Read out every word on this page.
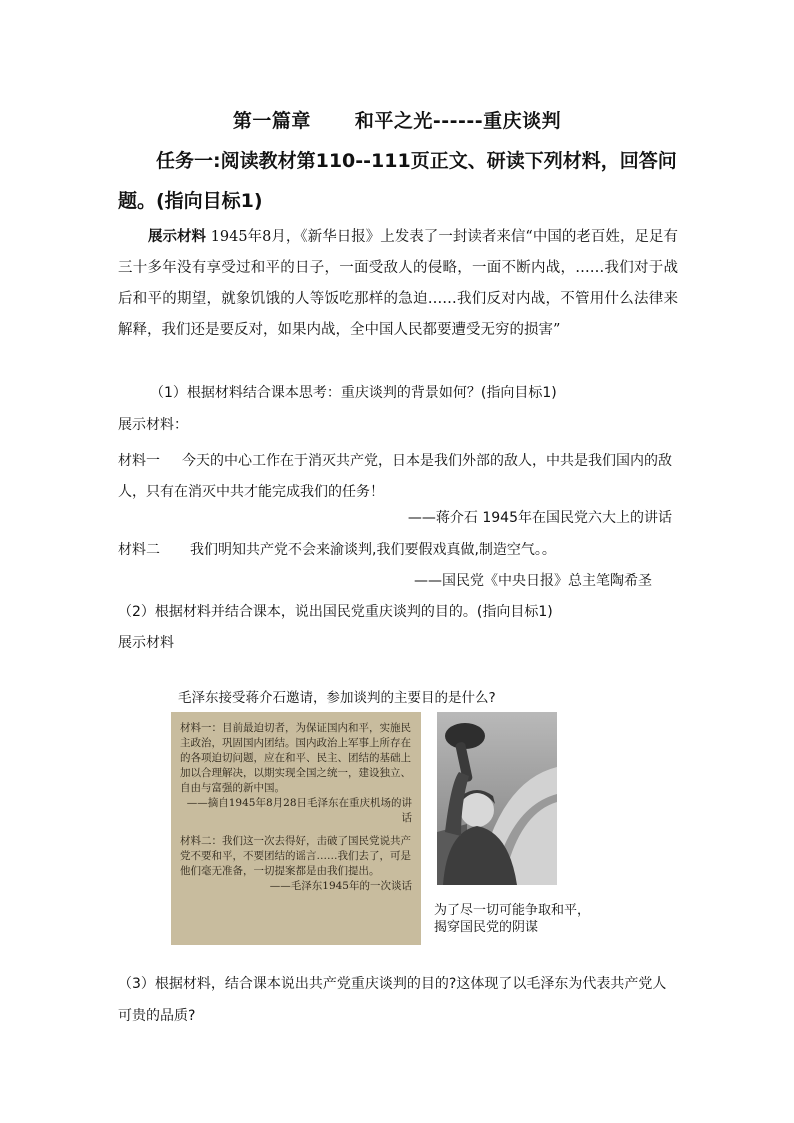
第一篇章 和平之光------重庆谈判
任务一:阅读教材第110--111页正文、研读下列材料，回答问题。(指向目标1)
展示材料 1945年8月，《新华日报》上发表了一封读者来信“中国的老百姓，足足有三十多年没有享受过和平的日子，一面受敌人的侵略，一面不断内战，……我们对于战后和平的期望，就象饥饿的人等饭吃那样的急迫……我们反对内战，不管用什么法律来解释，我们还是要反对，如果内战，全中国人民都要遭受无穷的损害”
（1）根据材料结合课本思考：重庆谈判的背景如何？(指向目标1)
展示材料：
材料一 今天的中心工作在于消灭共产党，日本是我们外部的敌人，中共是我们国内的敌人，只有在消灭中共才能完成我们的任务！
——蒋介石 1945年在国民党六大上的讲话
材料二 我们明知共产党不会来渝谈判,我们要假戏真做,制造空气。。
——国民党《中央日报》总主笔陶希圣
（2）根据材料并结合课本，说出国民党重庆谈判的目的。(指向目标1)
展示材料
毛泽东接受蒋介石邀请，参加谈判的主要目的是什么?
材料一：目前最迫切者，为保证国内和平，实施民主政治，巩固国内团结。国内政治上军事上所存在的各项迫切问题，应在和平、民主、团结的基础上加以合理解决，以期实现全国之统一，建设独立、自由与富强的新中国。
——摘自1945年8月28日毛泽东在重庆机场的讲话
材料二：我们这一次去得好，击破了国民党说共产党不要和平，不要团结的谣言……我们去了，可是他们毫无准备，一切提案都是由我们提出。
——毛泽东1945年的一次谈话
为了尽一切可能争取和平，
揭穿国民党的阴谋
（3）根据材料，结合课本说出共产党重庆谈判的目的?这体现了以毛泽东为代表共产党人可贵的品质?
